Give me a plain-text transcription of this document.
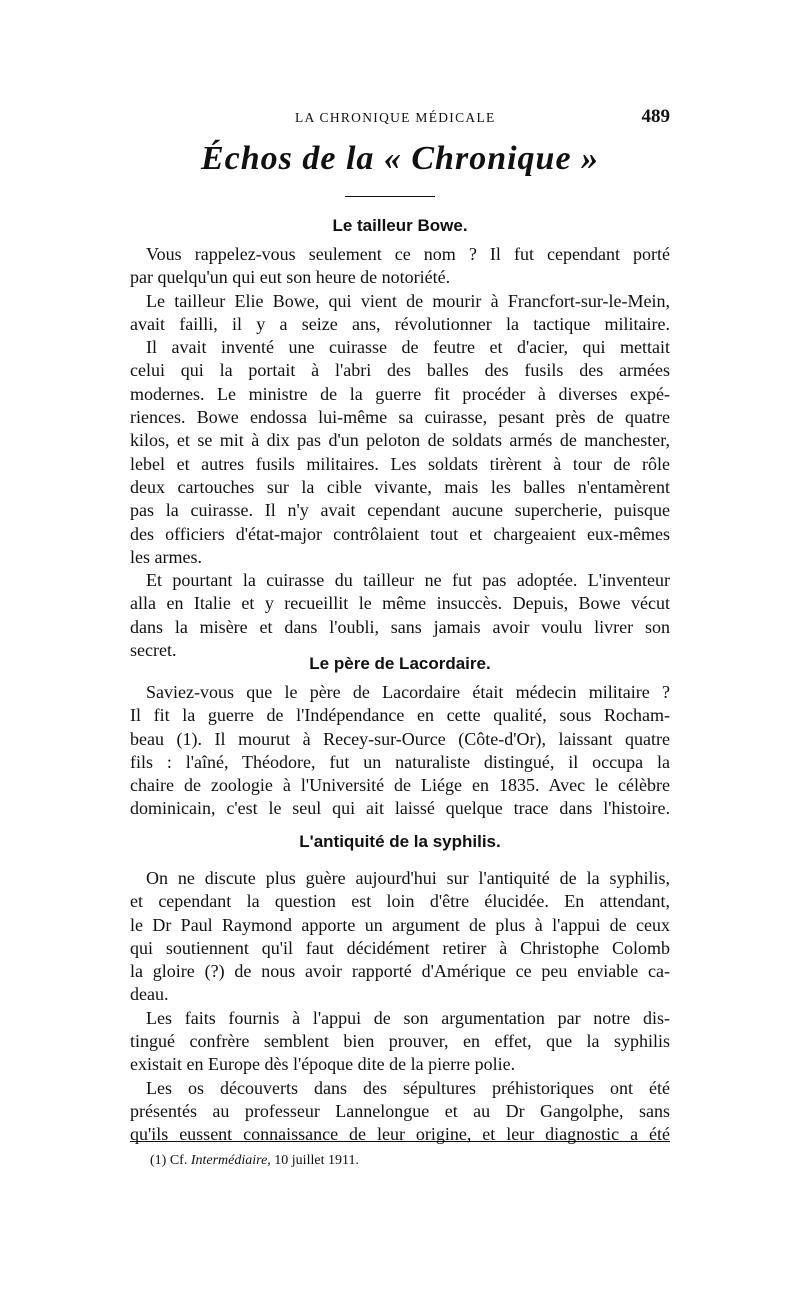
LA CHRONIQUE MÉDICALE	489
Échos de la « Chronique »
Le tailleur Bowe.
Vous rappelez-vous seulement ce nom ? Il fut cependant porté
par quelqu'un qui eut son heure de notoriété.
Le tailleur Elie Bowe, qui vient de mourir à Francfort-sur-le-Mein,
avait failli, il y a seize ans, révolutionner la tactique militaire.
Il avait inventé une cuirasse de feutre et d'acier, qui mettait
celui qui la portait à l'abri des balles des fusils des armées
modernes. Le ministre de la guerre fit procéder à diverses expé-
riences. Bowe endossa lui-même sa cuirasse, pesant près de quatre
kilos, et se mit à dix pas d'un peloton de soldats armés de manchester,
lebel et autres fusils militaires. Les soldats tirèrent à tour de rôle
deux cartouches sur la cible vivante, mais les balles n'entamèrent
pas la cuirasse. Il n'y avait cependant aucune supercherie, puisque
des officiers d'état-major contrôlaient tout et chargeaient eux-mêmes
les armes.
Et pourtant la cuirasse du tailleur ne fut pas adoptée. L'inventeur
alla en Italie et y recueillit le même insuccès. Depuis, Bowe vécut
dans la misère et dans l'oubli, sans jamais avoir voulu livrer son
secret.
Le père de Lacordaire.
Saviez-vous que le père de Lacordaire était médecin militaire ?
Il fit la guerre de l'Indépendance en cette qualité, sous Rocham-
beau (1). Il mourut à Recey-sur-Ource (Côte-d'Or), laissant quatre
fils : l'aîné, Théodore, fut un naturaliste distingué, il occupa la
chaire de zoologie à l'Université de Liége en 1835. Avec le célèbre
dominicain, c'est le seul qui ait laissé quelque trace dans l'histoire.
L'antiquité de la syphilis.
On ne discute plus guère aujourd'hui sur l'antiquité de la syphilis,
et cependant la question est loin d'être élucidée. En attendant,
le Dr Paul Raymond apporte un argument de plus à l'appui de ceux
qui soutiennent qu'il faut décidément retirer à Christophe Colomb
la gloire (?) de nous avoir rapporté d'Amérique ce peu enviable ca-
deau.
Les faits fournis à l'appui de son argumentation par notre dis-
tingué confrère semblent bien prouver, en effet, que la syphilis
existait en Europe dès l'époque dite de la pierre polie.
Les os découverts dans des sépultures préhistoriques ont été
présentés au professeur Lannelongue et au Dr Gangolphe, sans
qu'ils eussent connaissance de leur origine, et leur diagnostic a été
(1) Cf. Intermédiaire, 10 juillet 1911.
